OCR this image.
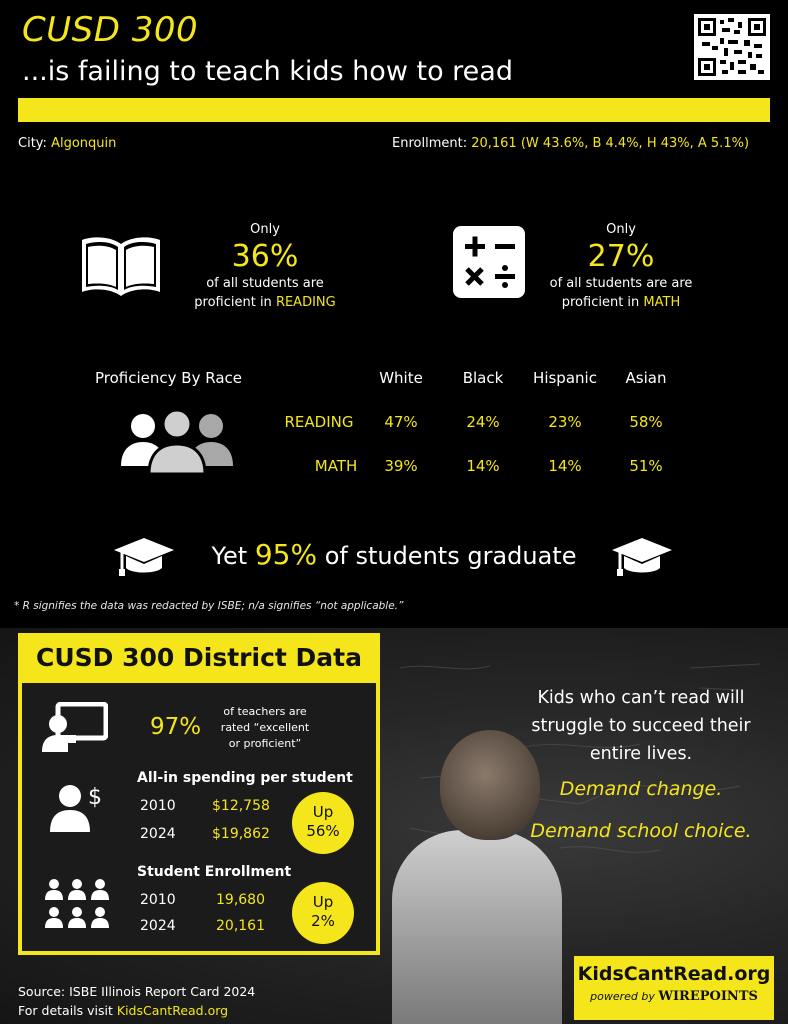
CUSD 300
...is failing to teach kids how to read
City: Algonquin	Enrollment: 20,161 (W 43.6%, B 4.4%, H 43%, A 5.1%)
Only
36%
of all students are
proficient in READING
Only
27%
of all students are are
proficient in MATH
Proficiency By Race	White	Black	Hispanic	Asian
READING	47%	24%	23%	58%
MATH	39%	14%	14%	51%
Yet 95% of students graduate
* R signifies the data was redacted by ISBE; n/a signifies “not applicable.”
CUSD 300 District Data
97%
of teachers are
rated “excellent
or proficient”
All-in spending per student
$	2010	$12,758
2024	$19,862
Up
56%
Student Enrollment
2010	19,680
2024	20,161
Up
2%
Kids who can’t read will
struggle to succeed their
entire lives.
Demand change.
Demand school choice.
Source: ISBE Illinois Report Card 2024
For details visit KidsCantRead.org
KidsCantRead.org
powered by WIREPOINTS
